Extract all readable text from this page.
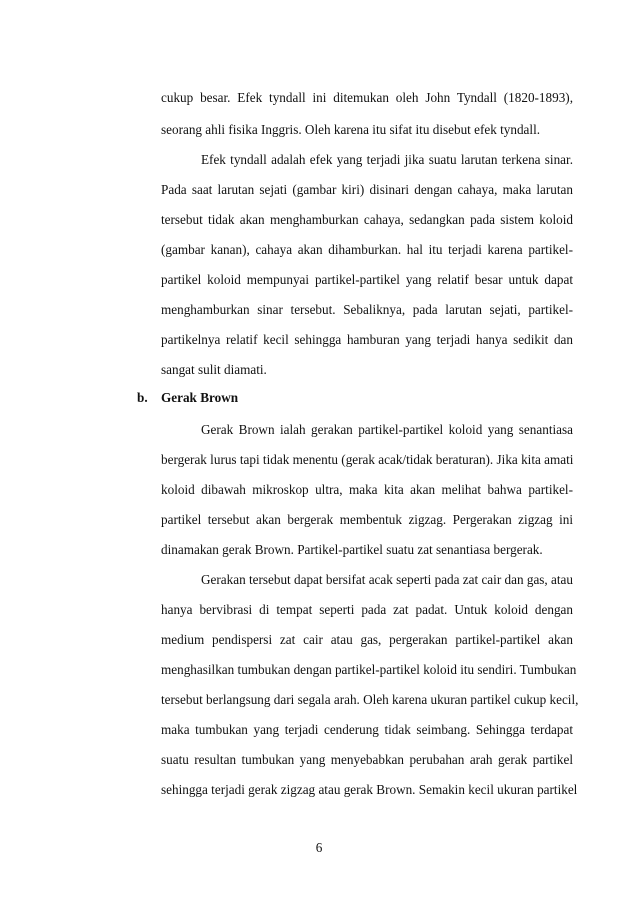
cukup besar. Efek tyndall ini ditemukan oleh John Tyndall (1820-1893),
seorang ahli fisika Inggris. Oleh karena itu sifat itu disebut efek tyndall.
Efek tyndall adalah efek yang terjadi jika suatu larutan terkena sinar.
Pada saat larutan sejati (gambar kiri) disinari dengan cahaya, maka larutan
tersebut tidak akan menghamburkan cahaya, sedangkan pada sistem koloid
(gambar kanan), cahaya akan dihamburkan. hal itu terjadi karena partikel-
partikel koloid mempunyai partikel-partikel yang relatif besar untuk dapat
menghamburkan sinar tersebut. Sebaliknya, pada larutan sejati, partikel-
partikelnya relatif kecil sehingga hamburan yang terjadi hanya sedikit dan
sangat sulit diamati.
b. Gerak Brown
Gerak Brown ialah gerakan partikel-partikel koloid yang senantiasa
bergerak lurus tapi tidak menentu (gerak acak/tidak beraturan). Jika kita amati
koloid dibawah mikroskop ultra, maka kita akan melihat bahwa partikel-
partikel tersebut akan bergerak membentuk zigzag. Pergerakan zigzag ini
dinamakan gerak Brown. Partikel-partikel suatu zat senantiasa bergerak.
Gerakan tersebut dapat bersifat acak seperti pada zat cair dan gas, atau
hanya bervibrasi di tempat seperti pada zat padat. Untuk koloid dengan
medium pendispersi zat cair atau gas, pergerakan partikel-partikel akan
menghasilkan tumbukan dengan partikel-partikel koloid itu sendiri. Tumbukan
tersebut berlangsung dari segala arah. Oleh karena ukuran partikel cukup kecil,
maka tumbukan yang terjadi cenderung tidak seimbang. Sehingga terdapat
suatu resultan tumbukan yang menyebabkan perubahan arah gerak partikel
sehingga terjadi gerak zigzag atau gerak Brown. Semakin kecil ukuran partikel
6
